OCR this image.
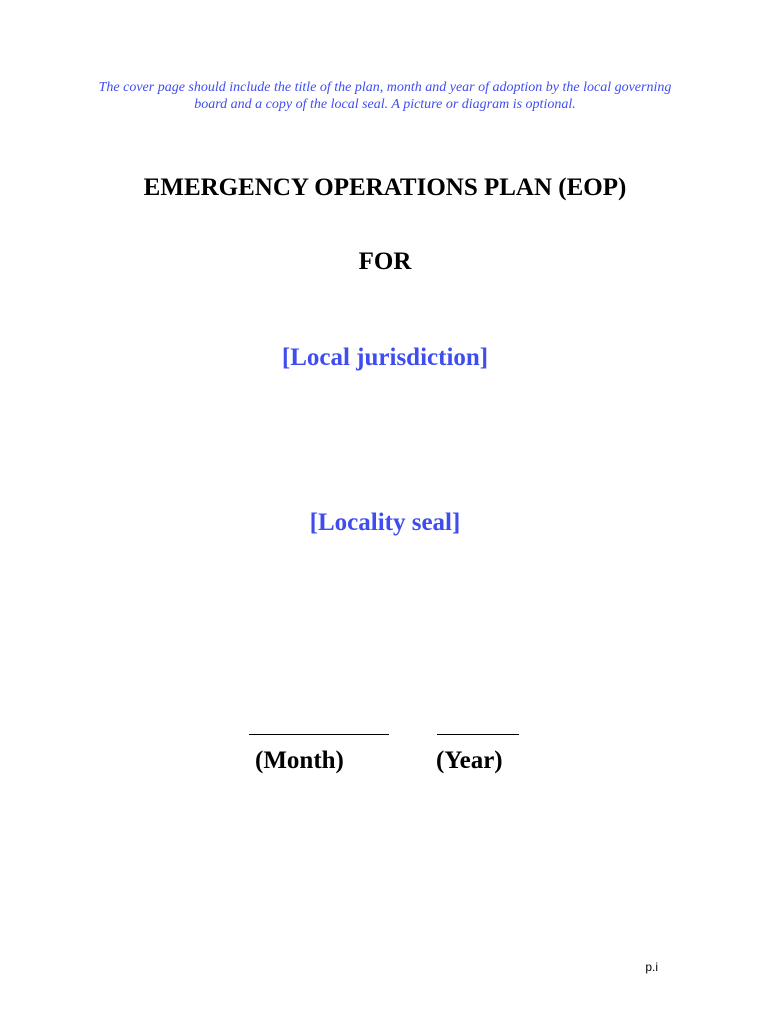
The cover page should include the title of the plan, month and year of adoption by the local governing
board and a copy of the local seal. A picture or diagram is optional.
EMERGENCY OPERATIONS PLAN (EOP)
FOR
[Local jurisdiction]
[Locality seal]
(Month)	(Year)
p.i
